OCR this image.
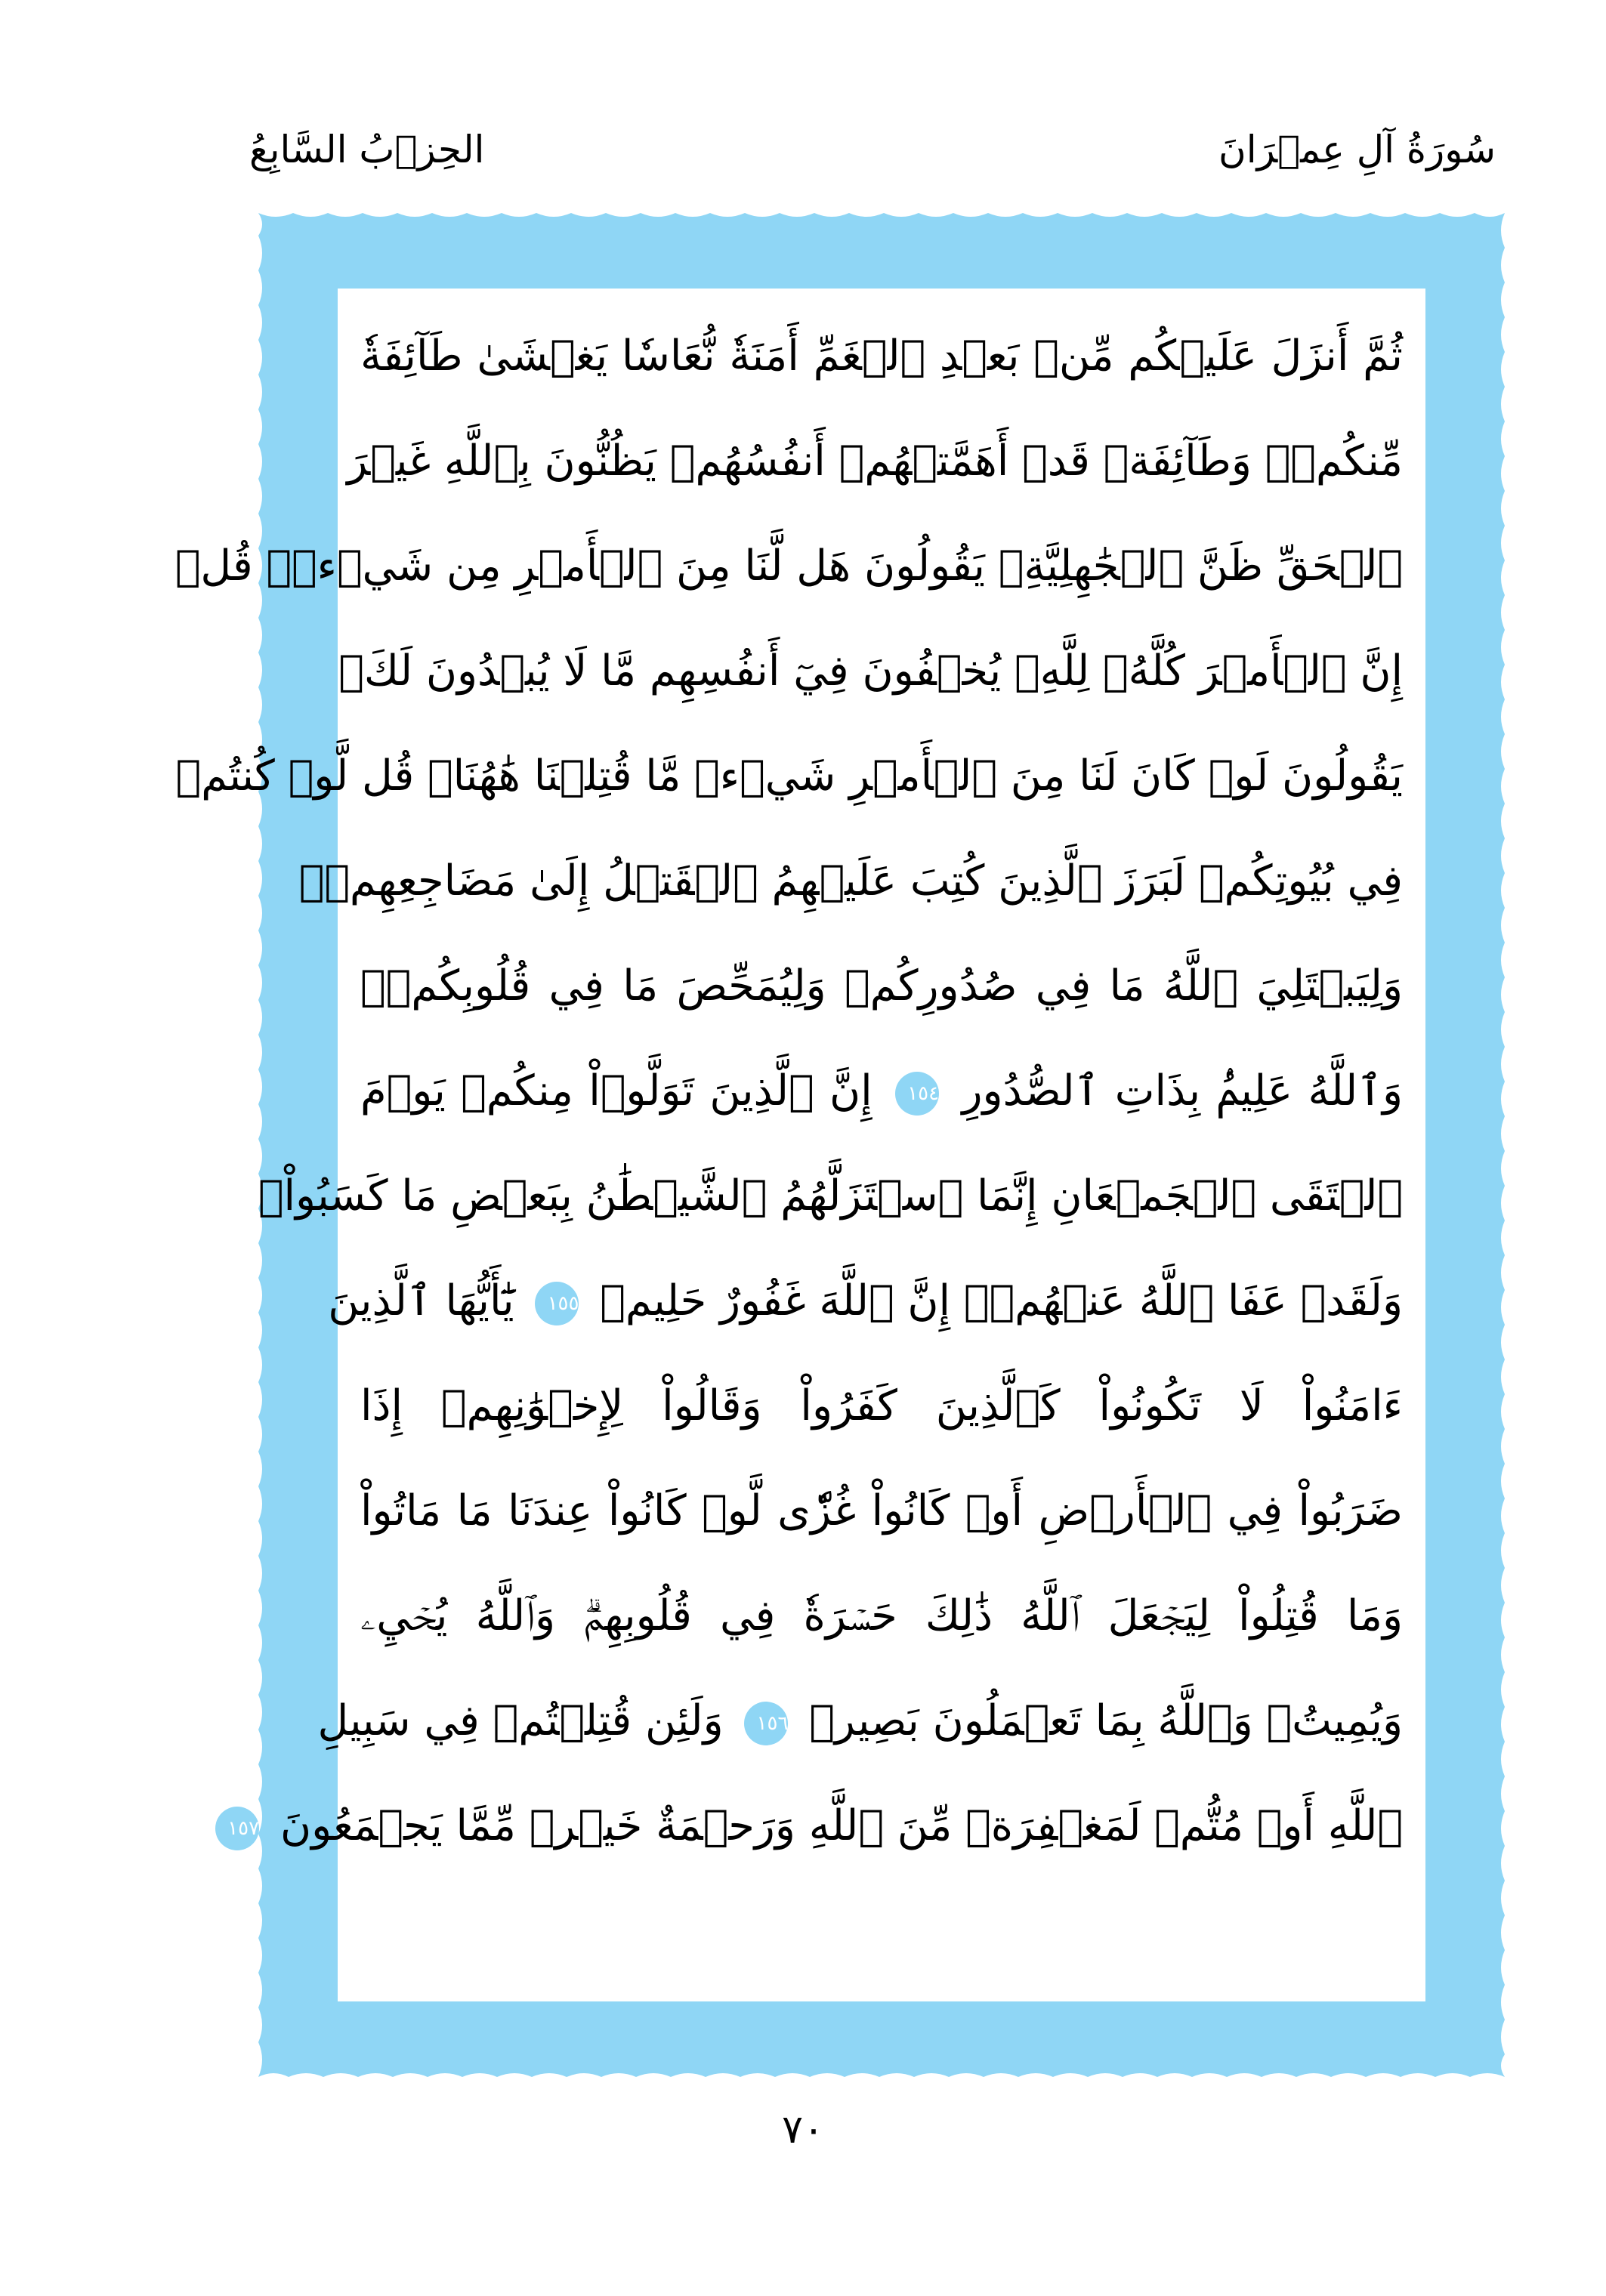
سُورَةُ آلِ عِمۡرَانَ
الحِزۡبُ السَّابِعُ
ثُمَّ أَنزَلَ عَلَيۡكُم مِّنۢ بَعۡدِ ٱلۡغَمِّ أَمَنَةٗ نُّعَاسٗا يَغۡشَىٰ طَآئِفَةٗ
مِّنكُمۡۖ وَطَآئِفَةٞ قَدۡ أَهَمَّتۡهُمۡ أَنفُسُهُمۡ يَظُنُّونَ بِٱللَّهِ غَيۡرَ
ٱلۡحَقِّ ظَنَّ ٱلۡجَٰهِلِيَّةِۖ يَقُولُونَ هَل لَّنَا مِنَ ٱلۡأَمۡرِ مِن شَيۡءٖۗ قُلۡ
إِنَّ ٱلۡأَمۡرَ كُلَّهُۥ لِلَّهِۗ يُخۡفُونَ فِيٓ أَنفُسِهِم مَّا لَا يُبۡدُونَ لَكَۖ
يَقُولُونَ لَوۡ كَانَ لَنَا مِنَ ٱلۡأَمۡرِ شَيۡءٞ مَّا قُتِلۡنَا هَٰهُنَاۗ قُل لَّوۡ كُنتُمۡ
فِي بُيُوتِكُمۡ لَبَرَزَ ٱلَّذِينَ كُتِبَ عَلَيۡهِمُ ٱلۡقَتۡلُ إِلَىٰ مَضَاجِعِهِمۡۖ
وَلِيَبۡتَلِيَ ٱللَّهُ مَا فِي صُدُورِكُمۡ وَلِيُمَحِّصَ مَا فِي قُلُوبِكُمۡۚ
وَٱللَّهُ عَلِيمُۢ بِذَاتِ ٱلصُّدُورِ ١٥٤ إِنَّ ٱلَّذِينَ تَوَلَّوۡاْ مِنكُمۡ يَوۡمَ
ٱلۡتَقَى ٱلۡجَمۡعَانِ إِنَّمَا ٱسۡتَزَلَّهُمُ ٱلشَّيۡطَٰنُ بِبَعۡضِ مَا كَسَبُواْۖ
وَلَقَدۡ عَفَا ٱللَّهُ عَنۡهُمۡۗ إِنَّ ٱللَّهَ غَفُورٌ حَلِيمٞ ١٥٥ يَٰٓأَيُّهَا ٱلَّذِينَ
ءَامَنُواْ لَا تَكُونُواْ كَٱلَّذِينَ كَفَرُواْ وَقَالُواْ لِإِخۡوَٰنِهِمۡ إِذَا
ضَرَبُواْ فِي ٱلۡأَرۡضِ أَوۡ كَانُواْ غُزّٗى لَّوۡ كَانُواْ عِندَنَا مَا مَاتُواْ
وَمَا قُتِلُواْ لِيَجۡعَلَ ٱللَّهُ ذَٰلِكَ حَسۡرَةٗ فِي قُلُوبِهِمۡۗ وَٱللَّهُ يُحۡيِۦ
وَيُمِيتُۗ وَٱللَّهُ بِمَا تَعۡمَلُونَ بَصِيرٞ ١٥٦ وَلَئِن قُتِلۡتُمۡ فِي سَبِيلِ
ٱللَّهِ أَوۡ مُتُّمۡ لَمَغۡفِرَةٞ مِّنَ ٱللَّهِ وَرَحۡمَةٌ خَيۡرٞ مِّمَّا يَجۡمَعُونَ ١٥٧
٧٠
